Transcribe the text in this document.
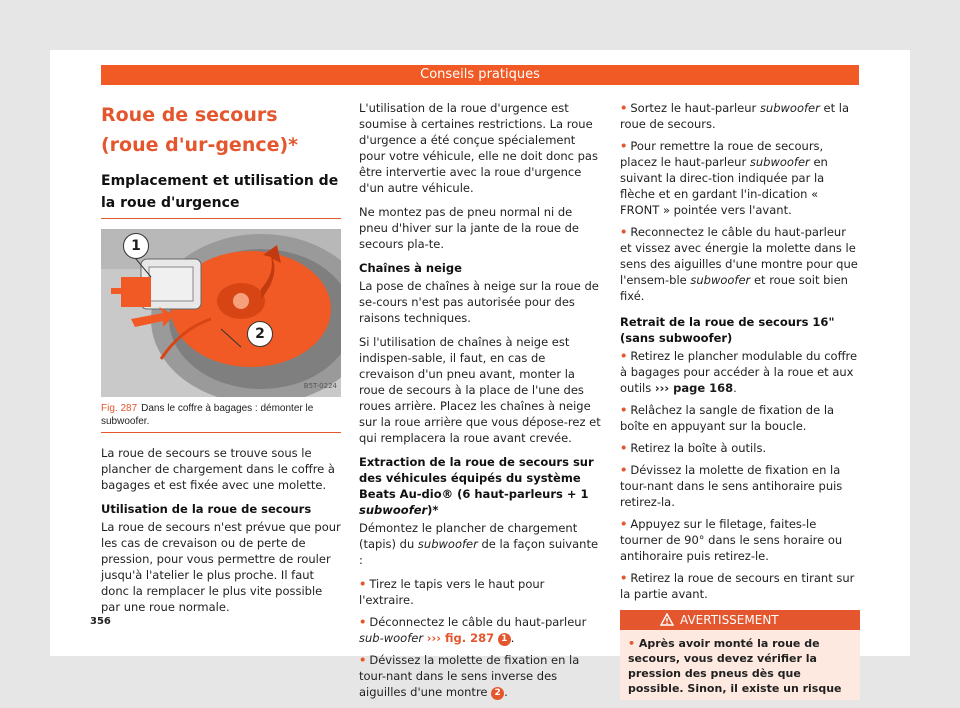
Conseils pratiques
Roue de secours (roue d'ur-gence)*
Emplacement et utilisation de la roue d'urgence
1
2
B5T-0224
Fig. 287 Dans le coffre à bagages : démonter le subwoofer.

La roue de secours se trouve sous le plancher de chargement dans le coffre à bagages et est fixée avec une molette.

Utilisation de la roue de secours

La roue de secours n'est prévue que pour les cas de crevaison ou de perte de pression, pour vous permettre de rouler jusqu'à l'atelier le plus proche. Il faut donc la remplacer le plus vite possible par une roue normale.

L'utilisation de la roue d'urgence est soumise à certaines restrictions. La roue d'urgence a été conçue spécialement pour votre véhicule, elle ne doit donc pas être intervertie avec la roue d'urgence d'un autre véhicule.

Ne montez pas de pneu normal ni de pneu d'hiver sur la jante de la roue de secours pla-te.

Chaînes à neige

La pose de chaînes à neige sur la roue de se-cours n'est pas autorisée pour des raisons techniques.

Si l'utilisation de chaînes à neige est indispen-sable, il faut, en cas de crevaison d'un pneu avant, monter la roue de secours à la place de l'une des roues arrière. Placez les chaînes à neige sur la roue arrière que vous dépose-rez et qui remplacera la roue avant crevée.

Extraction de la roue de secours sur des véhicules équipés du système Beats Au-dio® (6 haut-parleurs + 1 subwoofer)*

Démontez le plancher de chargement (tapis) du subwoofer de la façon suivante :

• Tirez le tapis vers le haut pour l'extraire.
• Déconnectez le câble du haut-parleur sub-woofer ››› fig. 287 1 .
• Dévissez la molette de fixation en la tour-nant dans le sens inverse des aiguilles d'une montre 2 .
• Sortez le haut-parleur subwoofer et la roue de secours.
• Pour remettre la roue de secours, placez le haut-parleur subwoofer en suivant la direc-tion indiquée par la flèche et en gardant l'in-dication « FRONT » pointée vers l'avant.
• Reconnectez le câble du haut-parleur et vissez avec énergie la molette dans le sens des aiguilles d'une montre pour que l'ensem-ble subwoofer et roue soit bien fixé.
Retrait de la roue de secours 16" (sans subwoofer)
• Retirez le plancher modulable du coffre à bagages pour accéder à la roue et aux outils ››› page 168.
• Relâchez la sangle de fixation de la boîte en appuyant sur la boucle.
• Retirez la boîte à outils.
• Dévissez la molette de fixation en la tour-nant dans le sens antihoraire puis retirez-la.
• Appuyez sur le filetage, faites-le tourner de 90° dans le sens horaire ou antihoraire puis retirez-le.
• Retirez la roue de secours en tirant sur la partie avant.
AVERTISSEMENT
• Après avoir monté la roue de secours, vous devez vérifier la pression des pneus dès que possible. Sinon, il existe un risque
356
